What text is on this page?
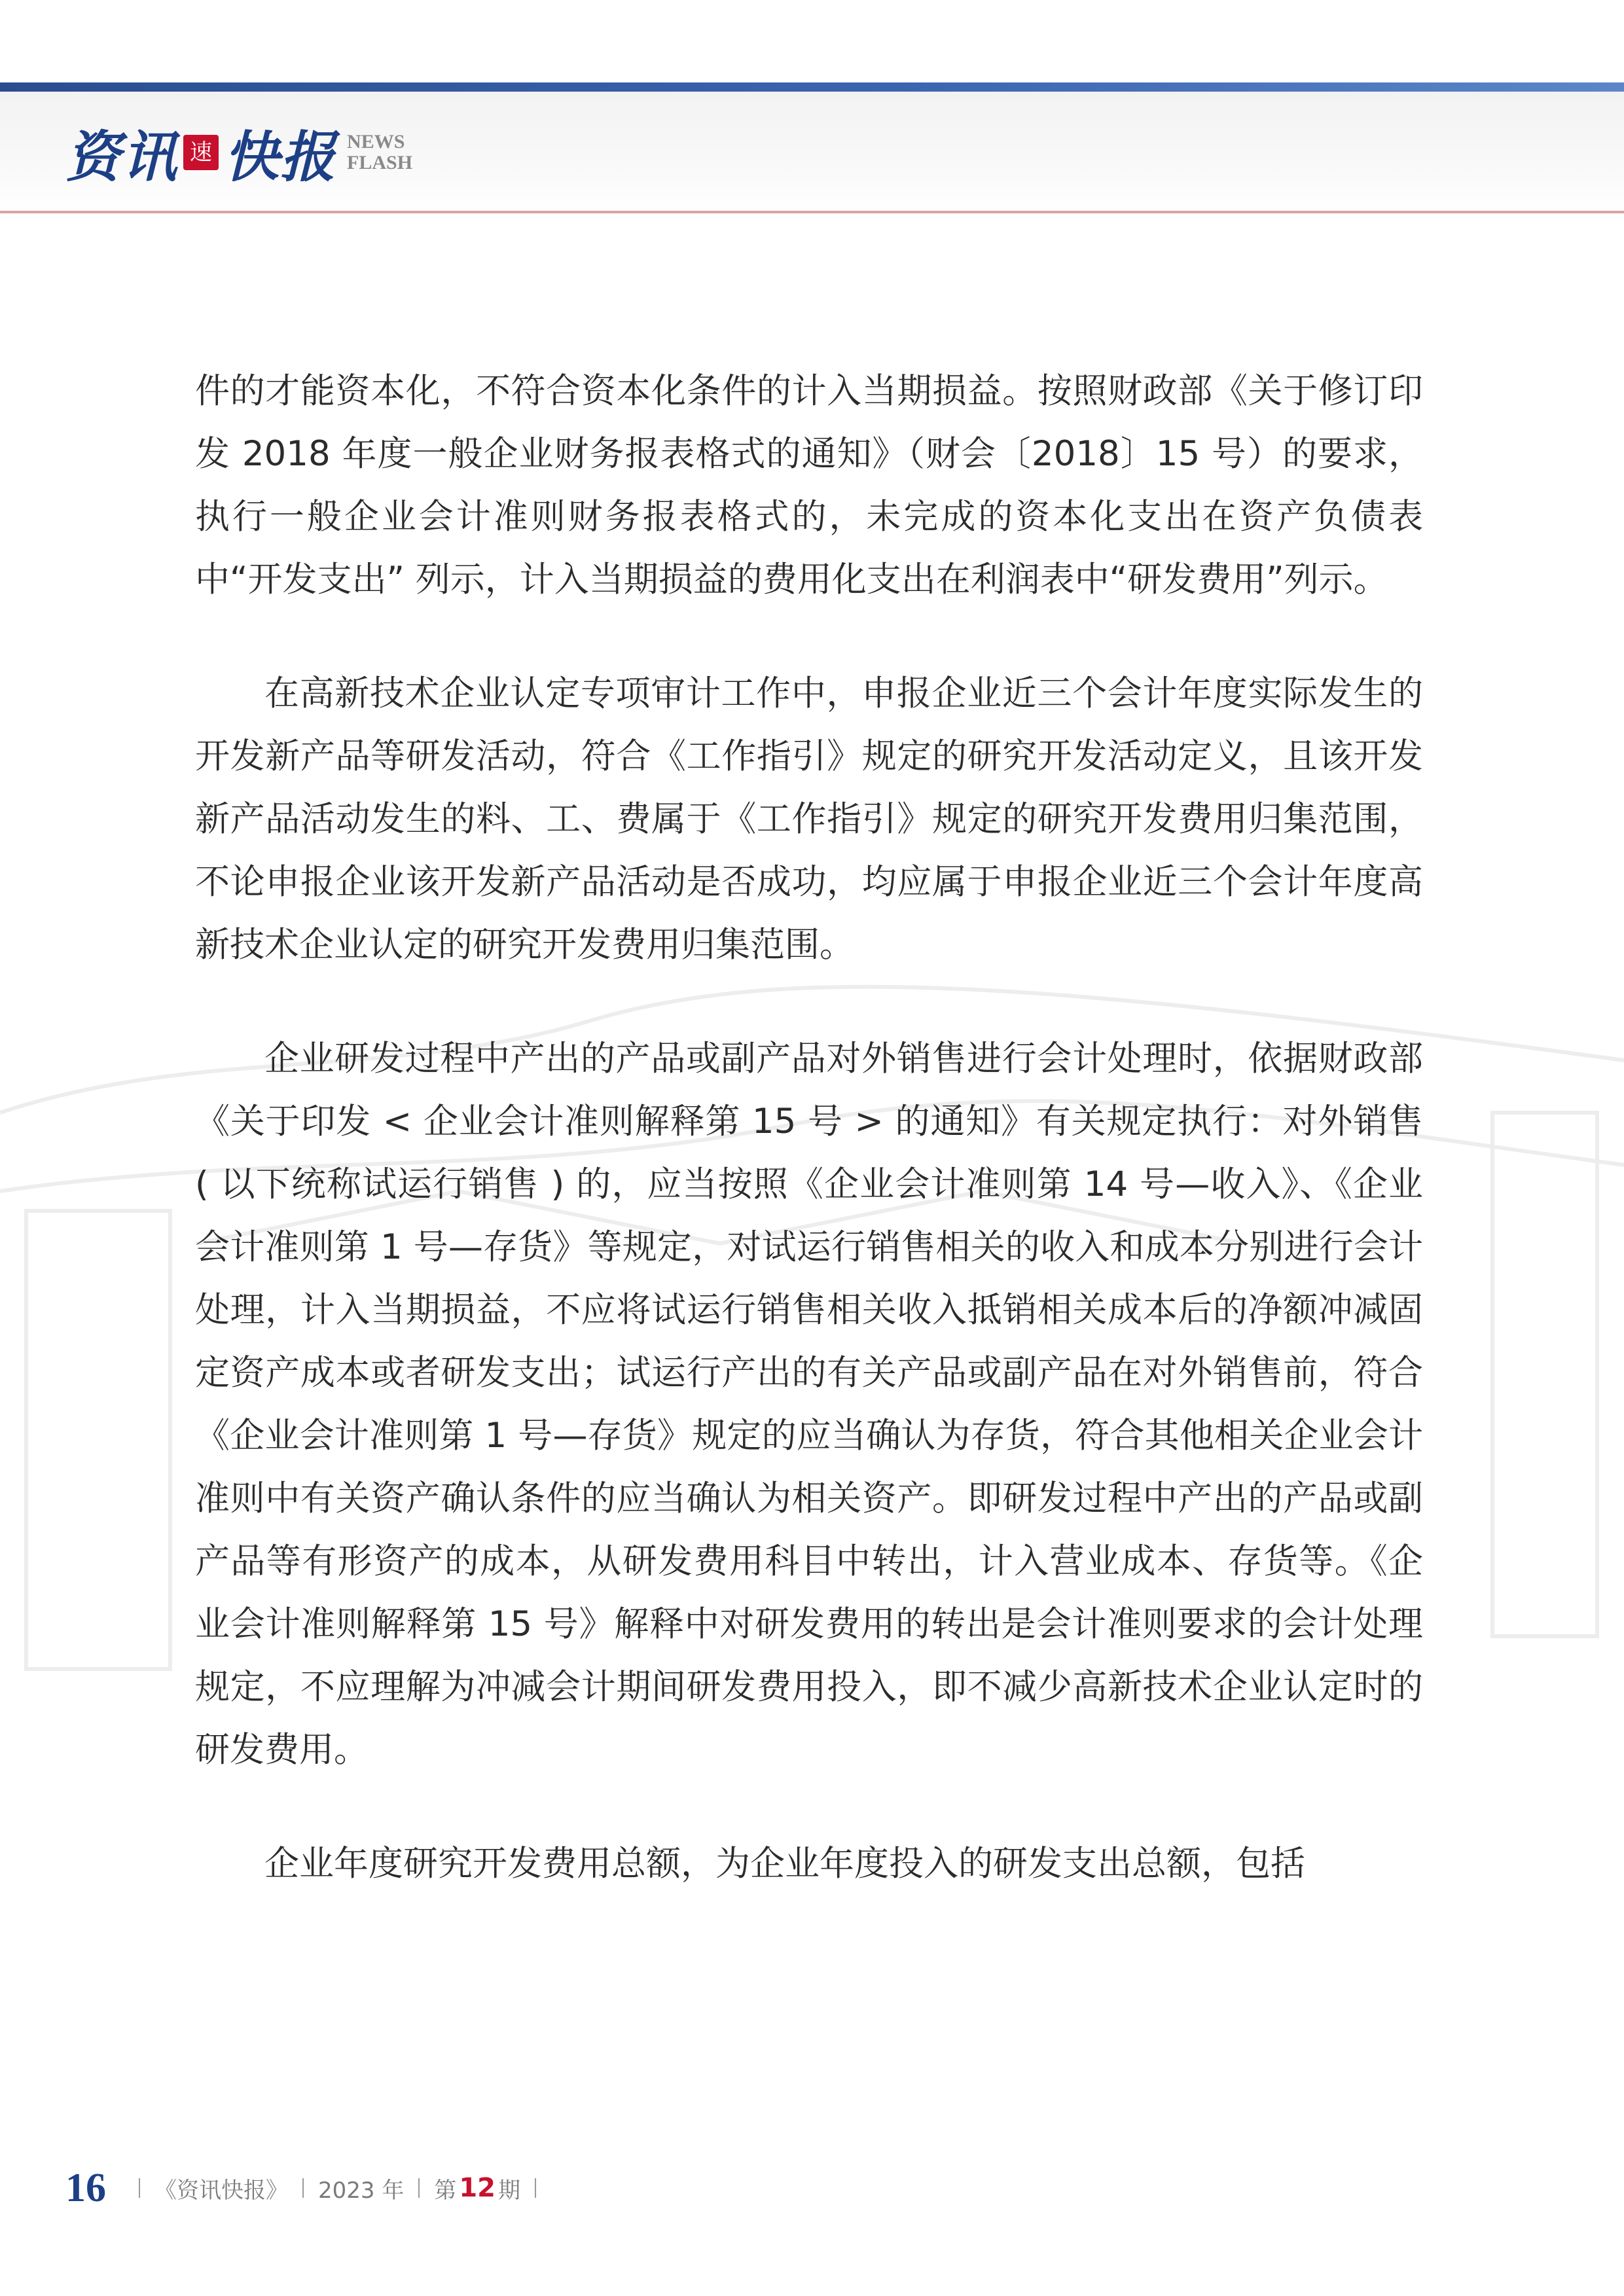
资讯 速 快报 NEWS
FLASH

件的才能资本化，不符合资本化条件的计入当期损益。按照财政部《关于修订印发 2018 年度一般企业财务报表格式的通知》（财会〔2018〕15 号）的要求，执行一般企业会计准则财务报表格式的，未完成的资本化支出在资产负债表中“开发支出” 列示，计入当期损益的费用化支出在利润表中“研发费用”列示。

在高新技术企业认定专项审计工作中，申报企业近三个会计年度实际发生的开发新产品等研发活动，符合《工作指引》规定的研究开发活动定义，且该开发新产品活动发生的料、工、费属于《工作指引》规定的研究开发费用归集范围，不论申报企业该开发新产品活动是否成功，均应属于申报企业近三个会计年度高新技术企业认定的研究开发费用归集范围。

企业研发过程中产出的产品或副产品对外销售进行会计处理时，依据财政部《关于印发 < 企业会计准则解释第 15 号 > 的通知》有关规定执行：对外销售 ( 以下统称试运行销售 ) 的，应当按照《企业会计准则第 14 号—收入》、《企业会计准则第 1 号—存货》等规定，对试运行销售相关的收入和成本分别进行会计处理，计入当期损益，不应将试运行销售相关收入抵销相关成本后的净额冲减固定资产成本或者研发支出；试运行产出的有关产品或副产品在对外销售前，符合《企业会计准则第 1 号—存货》规定的应当确认为存货，符合其他相关企业会计准则中有关资产确认条件的应当确认为相关资产。即研发过程中产出的产品或副产品等有形资产的成本，从研发费用科目中转出，计入营业成本、存货等。《企业会计准则解释第 15 号》解释中对研发费用的转出是会计准则要求的会计处理规定，不应理解为冲减会计期间研发费用投入，即不减少高新技术企业认定时的研发费用。

企业年度研究开发费用总额，为企业年度投入的研发支出总额，包括

16 《资讯快报》 2023 年 第 12 期
